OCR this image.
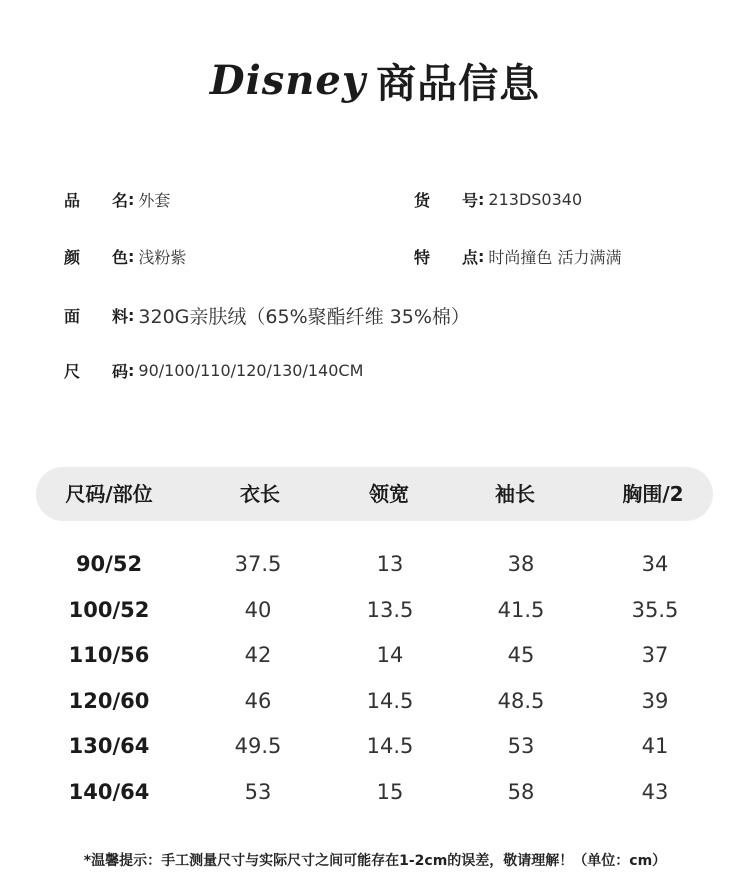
Disney 商品信息
品 名 : 外套	货 号 : 213DS0340
颜 色 : 浅粉紫	特 点 : 时尚撞色 活力满满
面 料 : 320G亲肤绒（65%聚酯纤维 35%棉）
尺 码 : 90/100/110/120/130/140CM
尺码/部位	衣长	领宽	袖长	胸围/2
90/52	37.5	13	38	34
100/52	40	13.5	41.5	35.5
110/56	42	14	45	37
120/60	46	14.5	48.5	39
130/64	49.5	14.5	53	41
140/64	53	15	58	43
*温馨提示：手工测量尺寸与实际尺寸之间可能存在1-2cm的误差，敬请理解！（单位：cm）
